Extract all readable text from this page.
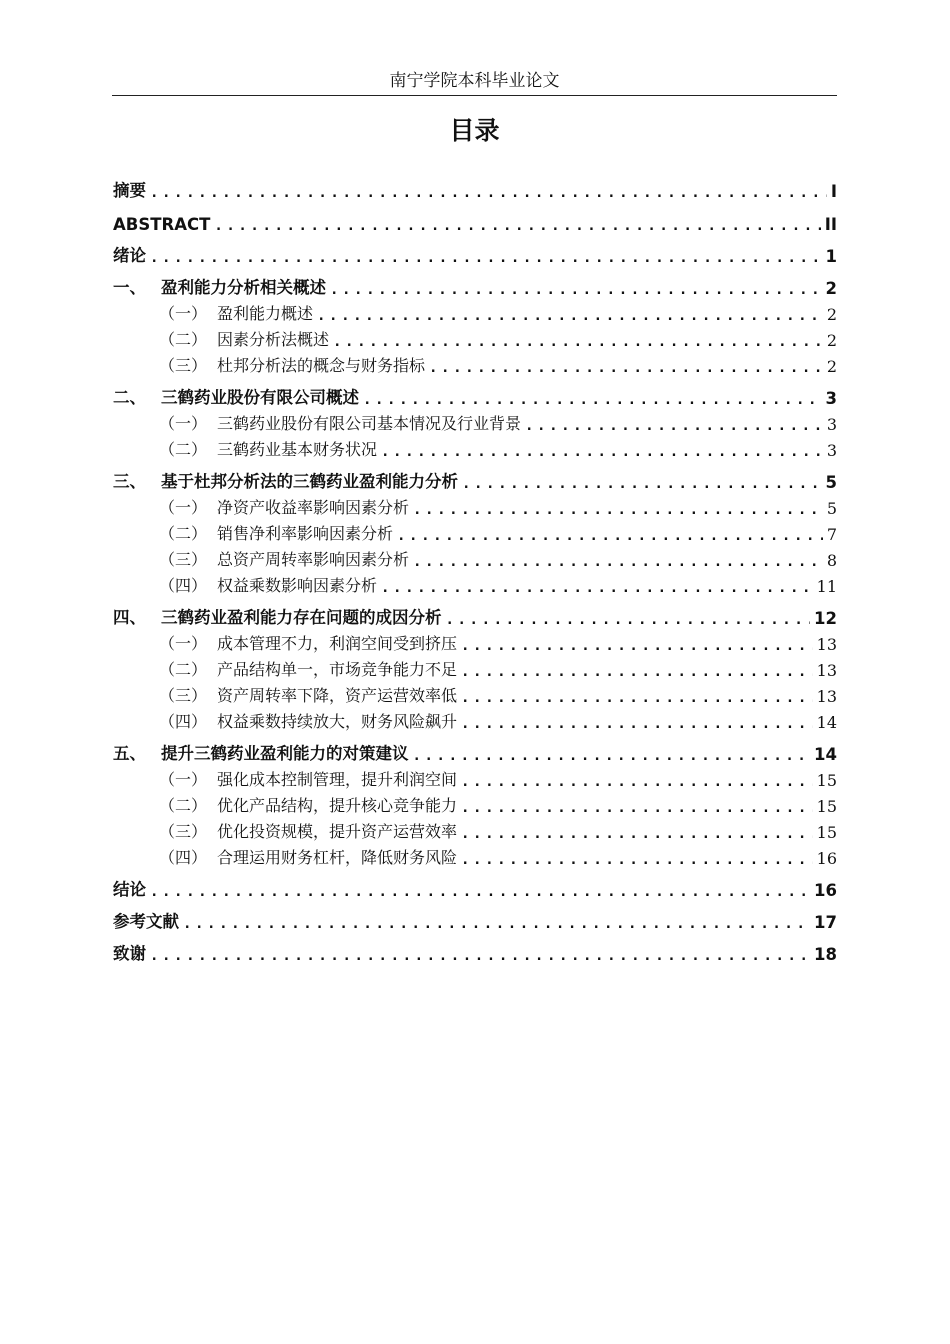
南宁学院本科毕业论文
目录
摘要 .....	I
ABSTRACT .....	II
绪论 .....	1
一、 盈利能力分析相关概述 .....	2
（一） 盈利能力概述 .....	2
（二） 因素分析法概述 .....	2
（三） 杜邦分析法的概念与财务指标 .....	2
二、 三鹤药业股份有限公司概述 .....	3
（一） 三鹤药业股份有限公司基本情况及行业背景 .....	3
（二） 三鹤药业基本财务状况 .....	3
三、 基于杜邦分析法的三鹤药业盈利能力分析 .....	5
（一） 净资产收益率影响因素分析 .....	5
（二） 销售净利率影响因素分析 .....	7
（三） 总资产周转率影响因素分析 .....	8
（四） 权益乘数影响因素分析 .....	11
四、 三鹤药业盈利能力存在问题的成因分析 .....	12
（一） 成本管理不力，利润空间受到挤压 .....	13
（二） 产品结构单一，市场竞争能力不足 .....	13
（三） 资产周转率下降，资产运营效率低 .....	13
（四） 权益乘数持续放大，财务风险飙升 .....	14
五、 提升三鹤药业盈利能力的对策建议 .....	14
（一） 强化成本控制管理，提升利润空间 .....	15
（二） 优化产品结构，提升核心竞争能力 .....	15
（三） 优化投资规模，提升资产运营效率 .....	15
（四） 合理运用财务杠杆，降低财务风险 .....	16
结论 .....	16
参考文献 .....	17
致谢 .....	18
